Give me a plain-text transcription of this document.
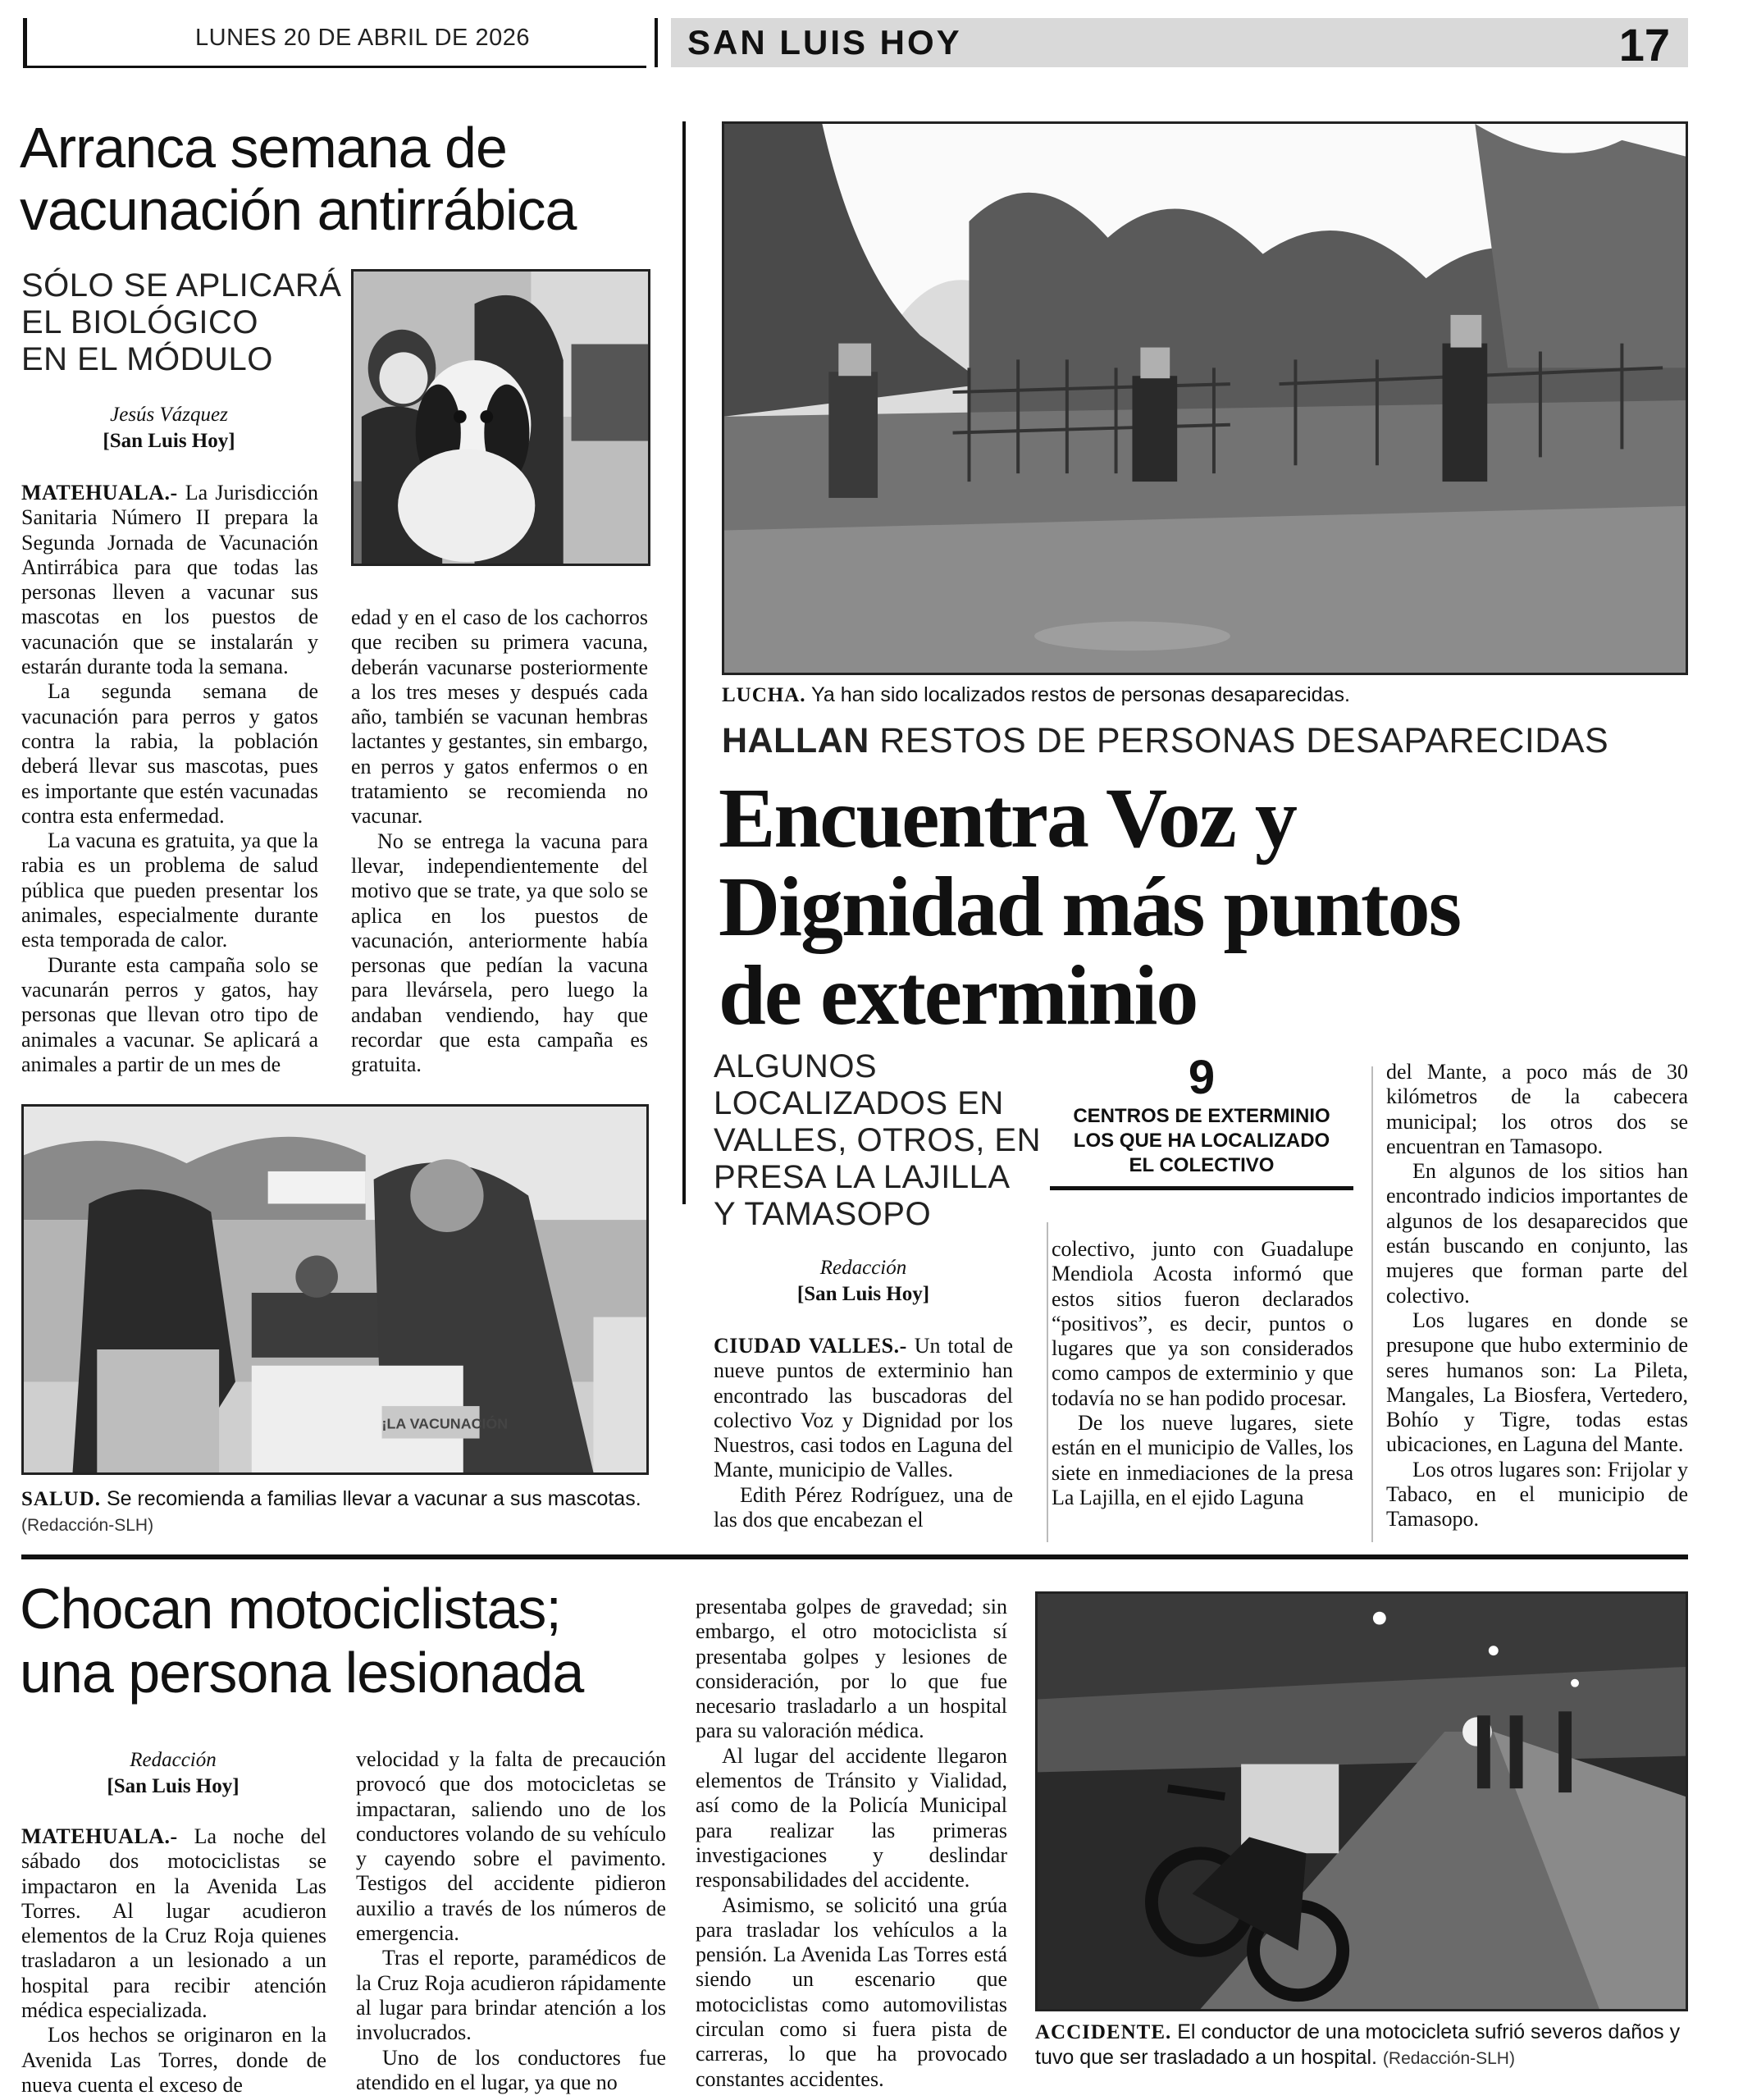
LUNES 20 DE ABRIL DE 2026	SAN LUIS HOY	17
Arranca semana de
vacunación antirrábica
SÓLO SE APLICARÁ
EL BIOLÓGICO
EN EL MÓDULO
Jesús Vázquez
[San Luis Hoy]

MATEHUALA.- La Jurisdicción Sanitaria Número II prepara la Segunda Jornada de Vacunación Antirrábica para que todas las personas lleven a vacunar sus mascotas en los puestos de vacunación que se instalarán y estarán durante toda la semana.

La segunda semana de vacunación para perros y gatos contra la rabia, la población deberá llevar sus mascotas, pues es importante que estén vacunadas contra esta enfermedad.

La vacuna es gratuita, ya que la rabia es un problema de salud pública que pueden presentar los animales, especialmente durante esta temporada de calor.

Durante esta campaña solo se vacunarán perros y gatos, hay personas que llevan otro tipo de animales a vacunar. Se aplicará a animales a partir de un mes de

edad y en el caso de los cachorros que reciben su primera vacuna, deberán vacunarse posteriormente a los tres meses y después cada año, también se vacunan hembras lactantes y gestantes, sin embargo, en perros y gatos enfermos o en tratamiento se recomienda no vacunar.

No se entrega la vacuna para llevar, independientemente del motivo que se trate, ya que solo se aplica en los puestos de vacunación, anteriormente había personas que pedían la vacuna para llevársela, pero luego la andaban vendiendo, hay que recordar que esta campaña es gratuita.

¡LA VACUNACIÓN
SALUD. Se recomienda a familias llevar a vacunar a sus mascotas. (Redacción-SLH)
LUCHA. Ya han sido localizados restos de personas desaparecidas.
HALLAN RESTOS DE PERSONAS DESAPARECIDAS
Encuentra Voz y
Dignidad más puntos
de exterminio
ALGUNOS
LOCALIZADOS EN
VALLES, OTROS, EN
PRESA LA LAJILLA
Y TAMASOPO
Redacción
[San Luis Hoy]

CIUDAD VALLES.- Un total de nueve puntos de exterminio han encontrado las buscadoras del colectivo Voz y Dignidad por los Nuestros, casi todos en Laguna del Mante, municipio de Valles.

Edith Pérez Rodríguez, una de las dos que encabezan el

9
CENTROS DE EXTERMINIO
LOS QUE HA LOCALIZADO
EL COLECTIVO

colectivo, junto con Guadalupe Mendiola Acosta informó que estos sitios fueron declarados “positivos”, es decir, puntos o lugares que ya son considerados como campos de exterminio y que todavía no se han podido procesar.

De los nueve lugares, siete están en el municipio de Valles, los siete en inmediaciones de la presa La Lajilla, en el ejido Laguna

del Mante, a poco más de 30 kilómetros de la cabecera municipal; los otros dos se encuentran en Tamasopo.

En algunos de los sitios han encontrado indicios importantes de algunos de los desaparecidos que están buscando en conjunto, las mujeres que forman parte del colectivo.

Los lugares en donde se presupone que hubo exterminio de seres humanos son: La Pileta, Mangales, La Biosfera, Vertedero, Bohío y Tigre, todas estas ubicaciones, en Laguna del Mante.

Los otros lugares son: Frijolar y Tabaco, en el municipio de Tamasopo.

Chocan motociclistas;
una persona lesionada
Redacción
[San Luis Hoy]

MATEHUALA.- La noche del sábado dos motociclistas se impactaron en la Avenida Las Torres. Al lugar acudieron elementos de la Cruz Roja quienes trasladaron a un lesionado a un hospital para recibir atención médica especializada.

Los hechos se originaron en la Avenida Las Torres, donde de nueva cuenta el exceso de

velocidad y la falta de precaución provocó que dos motocicletas se impactaran, saliendo uno de los conductores volando de su vehículo y cayendo sobre el pavimento. Testigos del accidente pidieron auxilio a través de los números de emergencia.

Tras el reporte, paramédicos de la Cruz Roja acudieron rápidamente al lugar para brindar atención a los involucrados.

Uno de los conductores fue atendido en el lugar, ya que no

presentaba golpes de gravedad; sin embargo, el otro motociclista sí presentaba golpes y lesiones de consideración, por lo que fue necesario trasladarlo a un hospital para su valoración médica.

Al lugar del accidente llegaron elementos de Tránsito y Vialidad, así como de la Policía Municipal para realizar las primeras investigaciones y deslindar responsabilidades del accidente.

Asimismo, se solicitó una grúa para trasladar los vehículos a la pensión. La Avenida Las Torres está siendo un escenario que motociclistas como automovilistas circulan como si fuera pista de carreras, lo que ha provocado constantes accidentes.

ACCIDENTE. El conductor de una motocicleta sufrió severos daños y tuvo que ser trasladado a un hospital. (Redacción-SLH)
